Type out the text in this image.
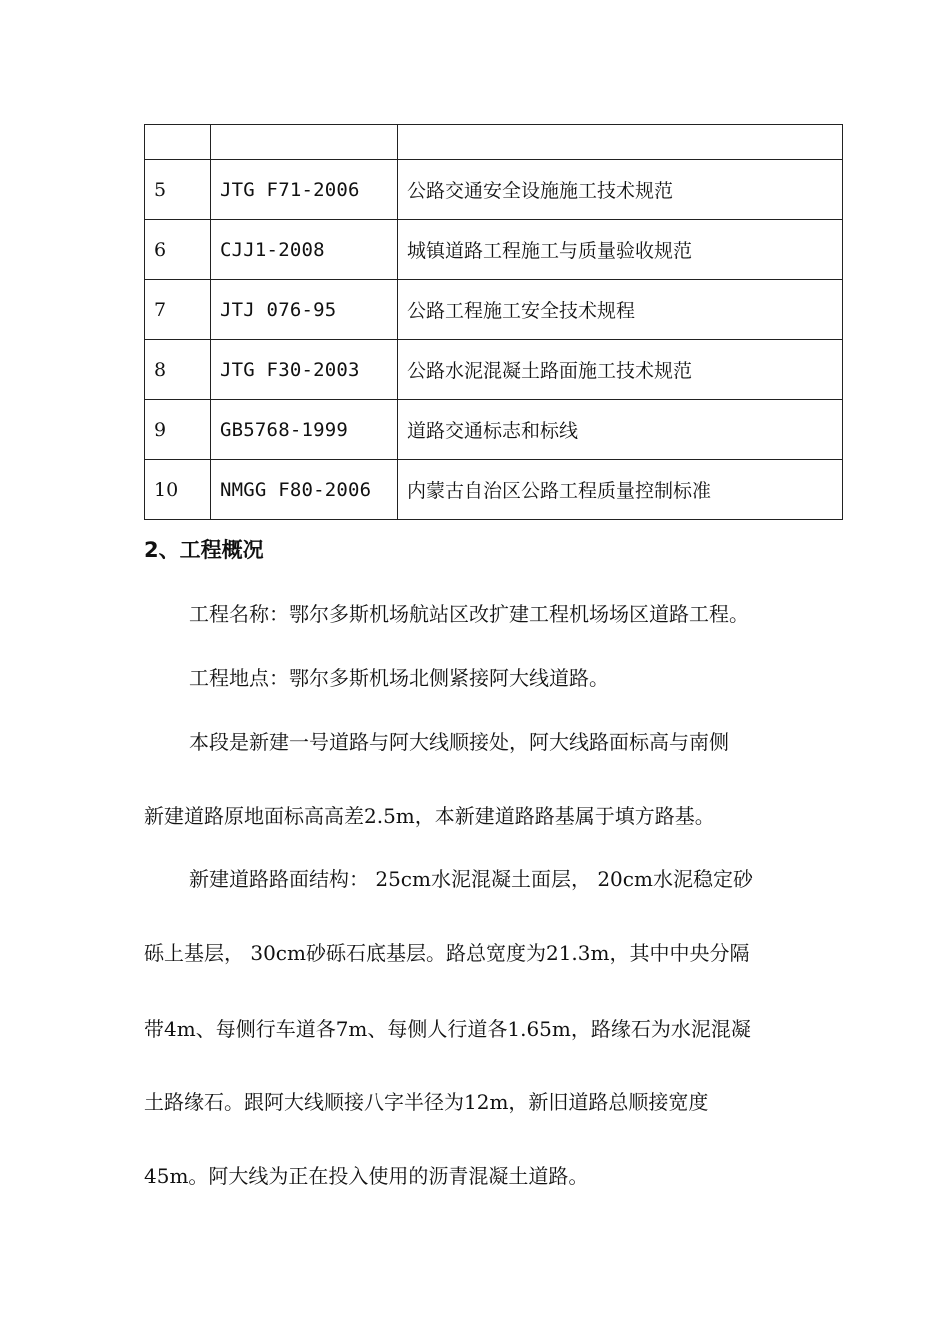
5	JTG F71-2006	公路交通安全设施施工技术规范
6	CJJ1-2008	城镇道路工程施工与质量验收规范
7	JTJ 076-95	公路工程施工安全技术规程
8	JTG F30-2003	公路水泥混凝土路面施工技术规范
9	GB5768-1999	道路交通标志和标线
10	NMGG F80-2006	内蒙古自治区公路工程质量控制标准
2、工程概况
工程名称：鄂尔多斯机场航站区改扩建工程机场场区道路工程。
工程地点：鄂尔多斯机场北侧紧接阿大线道路。
本段是新建一号道路与阿大线顺接处，阿大线路面标高与南侧
新建道路原地面标高高差2.5m，本新建道路路基属于填方路基。
新建道路路面结构： 25cm水泥混凝土面层， 20cm水泥稳定砂
砾上基层， 30cm砂砾石底基层。路总宽度为21.3m，其中中央分隔
带4m、每侧行车道各7m、每侧人行道各1.65m，路缘石为水泥混凝
土路缘石。跟阿大线顺接八字半径为12m，新旧道路总顺接宽度
45m。阿大线为正在投入使用的沥青混凝土道路。
